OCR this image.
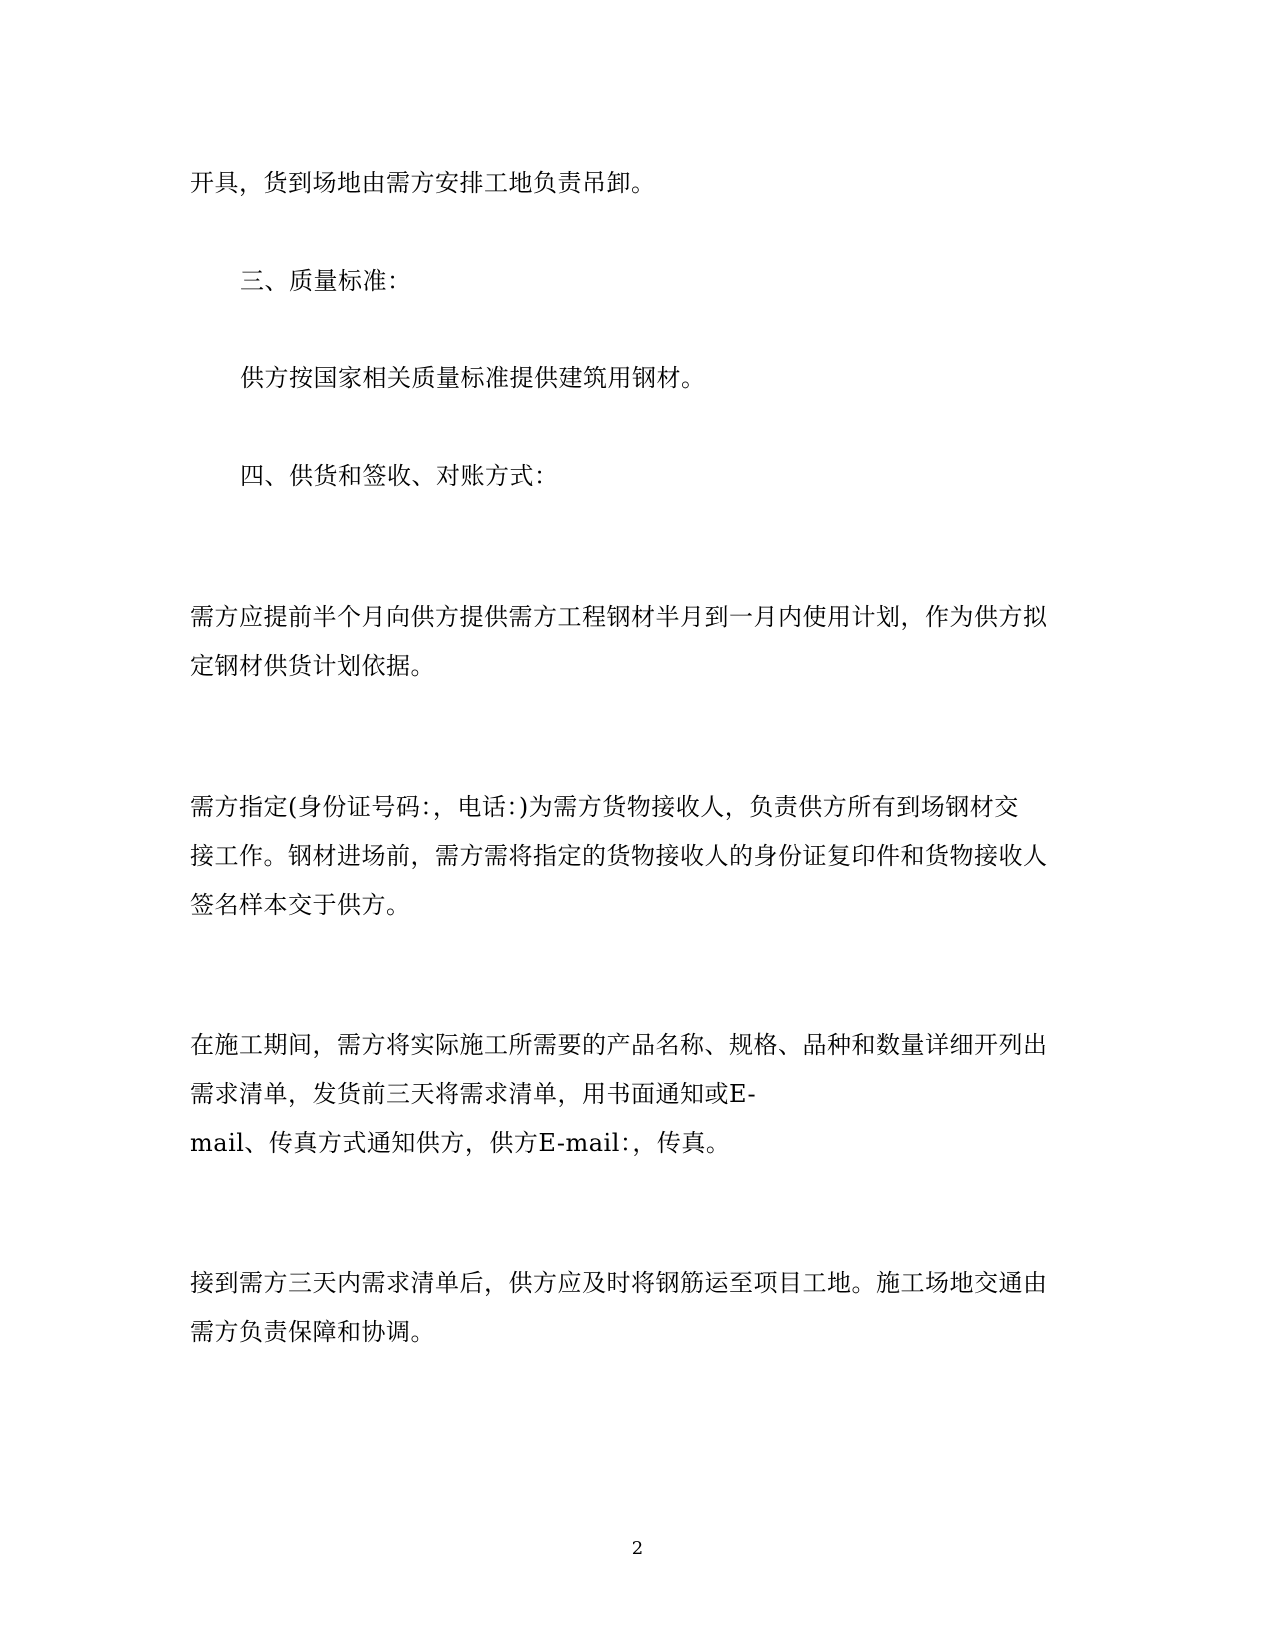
开具，货到场地由需方安排工地负责吊卸。

三、质量标准：

供方按国家相关质量标准提供建筑用钢材。

四、供货和签收、对账方式：

需方应提前半个月向供方提供需方工程钢材半月到一月内使用计划，作为供方拟

定钢材供货计划依据。

需方指定(身份证号码：，电话：)为需方货物接收人，负责供方所有到场钢材交

接工作。钢材进场前，需方需将指定的货物接收人的身份证复印件和货物接收人

签名样本交于供方。

在施工期间，需方将实际施工所需要的产品名称、规格、品种和数量详细开列出

需求清单，发货前三天将需求清单，用书面通知或E-

mail、传真方式通知供方，供方E-mail：，传真。

接到需方三天内需求清单后，供方应及时将钢筋运至项目工地。施工场地交通由

需方负责保障和协调。

2
